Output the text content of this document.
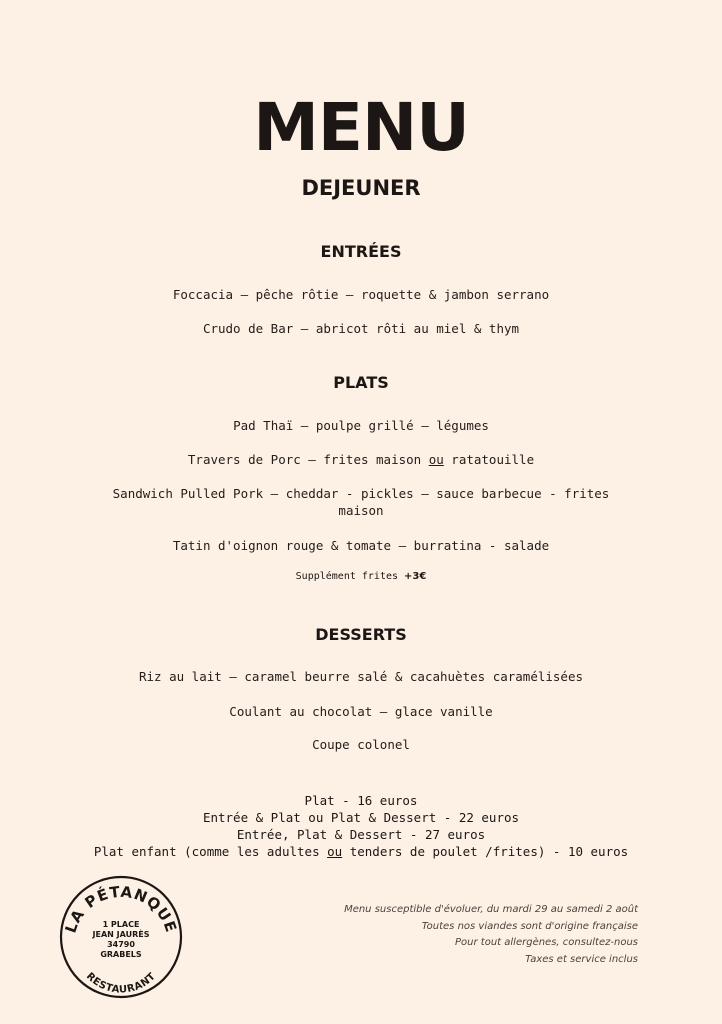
MENU
DEJEUNER
ENTRÉES
Foccacia – pêche rôtie – roquette & jambon serrano
Crudo de Bar – abricot rôti au miel & thym
PLATS
Pad Thaï – poulpe grillé – légumes
Travers de Porc – frites maison ou ratatouille
Sandwich Pulled Pork – cheddar - pickles – sauce barbecue - frites
maison
Tatin d'oignon rouge & tomate – burratina - salade
Supplément frites +3€
DESSERTS
Riz au lait – caramel beurre salé & cacahuètes caramélisées
Coulant au chocolat – glace vanille
Coupe colonel
Plat - 16 euros
Entrée & Plat ou Plat & Dessert - 22 euros
Entrée, Plat & Dessert - 27 euros
Plat enfant (comme les adultes ou tenders de poulet /frites) - 10 euros
LA PÉTANQUE
RESTAURANT
1 PLACE
JEAN JAURÈS
34790
GRABELS
Menu susceptible d'évoluer, du mardi 29 au samedi 2 août
Toutes nos viandes sont d'origine française
Pour tout allergènes, consultez-nous
Taxes et service inclus
